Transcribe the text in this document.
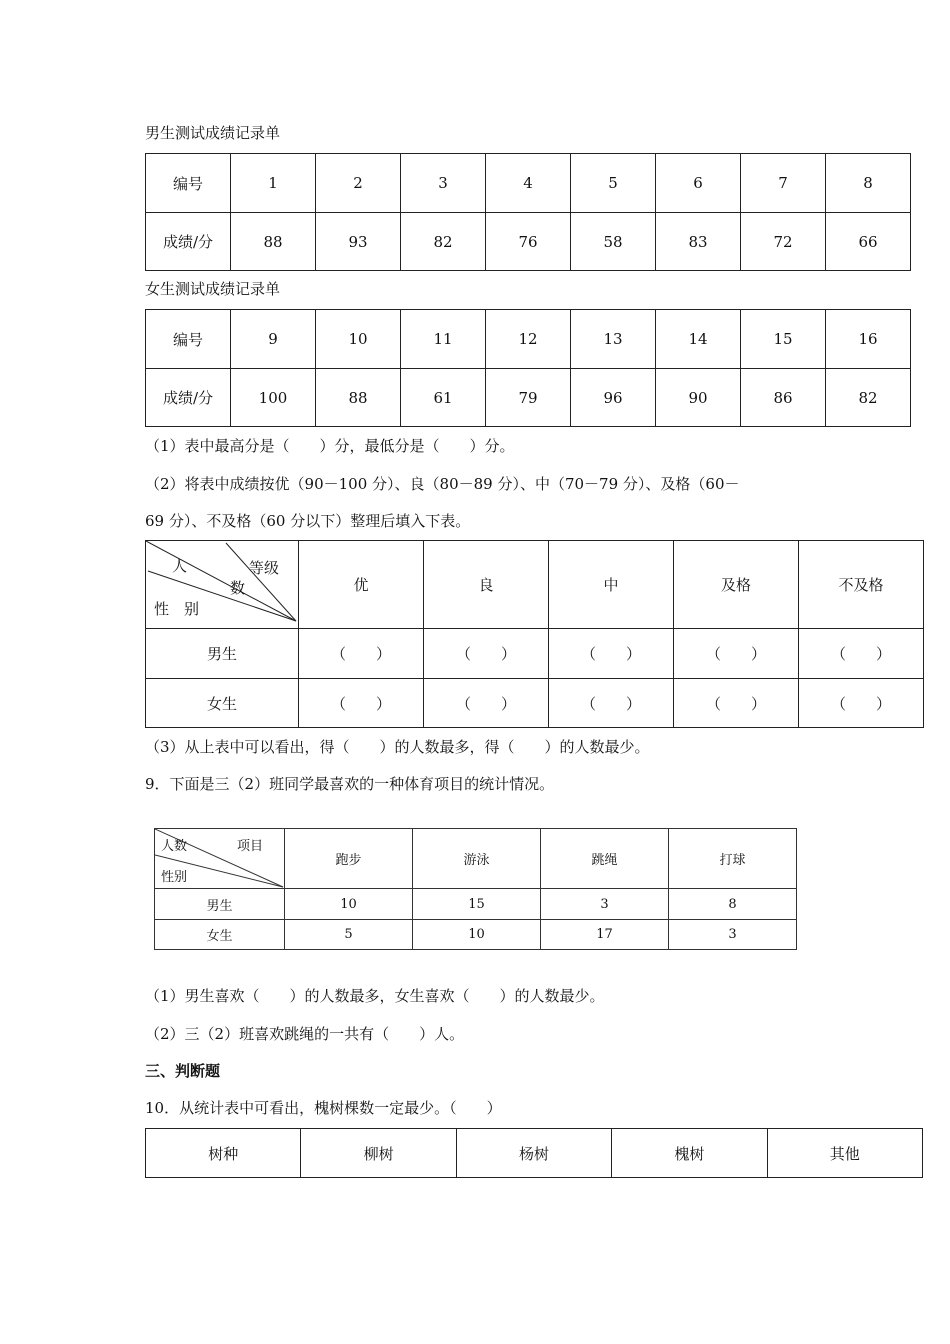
男生测试成绩记录单
编号	1	2	3	4	5	6	7	8
成绩/分	88	93	82	76	58	83	72	66
女生测试成绩记录单
编号	9	10	11	12	13	14	15	16
成绩/分	100	88	61	79	96	90	86	82
（1）表中最高分是（　　）分，最低分是（　　）分。
（2）将表中成绩按优（90－100 分）、良（80－89 分）、中（70－79 分）、及格（60－
69 分）、不及格（60 分以下）整理后填入下表。
人 等级
数
性　别	优	良	中	及格	不及格
男生	（　　）	（　　）	（　　）	（　　）	（　　）
女生	（　　）	（　　）	（　　）	（　　）	（　　）
（3）从上表中可以看出，得（　　）的人数最多，得（　　）的人数最少。
9．下面是三（2）班同学最喜欢的一种体育项目的统计情况。
人数 项目
性别	跑步	游泳	跳绳	打球
男生	10	15	3	8
女生	5	10	17	3
（1）男生喜欢（　　）的人数最多，女生喜欢（　　）的人数最少。
（2）三（2）班喜欢跳绳的一共有（　　）人。
三、判断题
10．从统计表中可看出，槐树棵数一定最少。（　　）
树种	柳树	杨树	槐树	其他
